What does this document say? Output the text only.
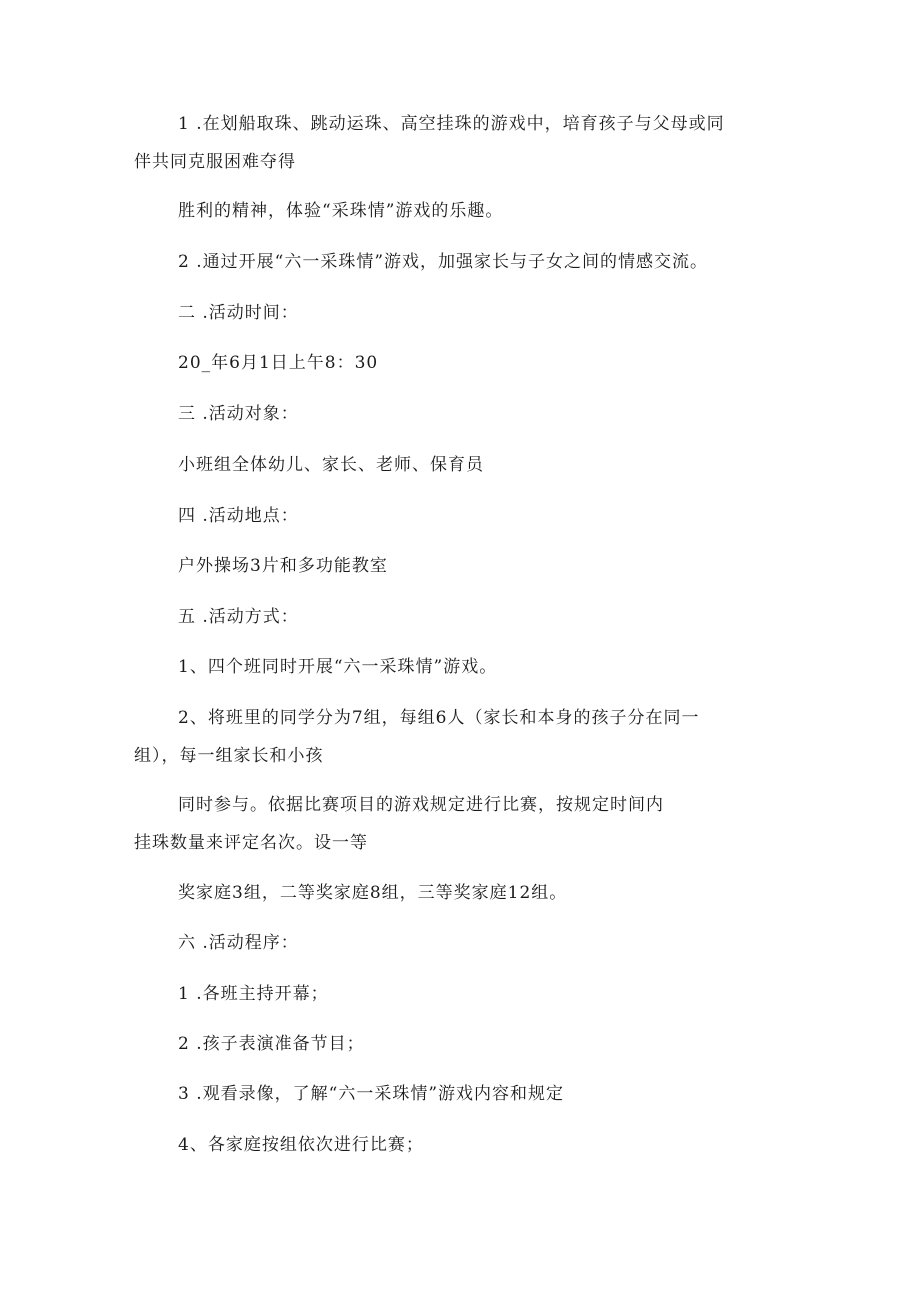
1 .在划船取珠、跳动运珠、高空挂珠的游戏中，培育孩子与父母或同
伴共同克服困难夺得
胜利的精神，体验“采珠情”游戏的乐趣。
2 .通过开展“六一采珠情”游戏，加强家长与子女之间的情感交流。
二 .活动时间：
20_年6月1日上午8：30
三 .活动对象：
小班组全体幼儿、家长、老师、保育员
四 .活动地点：
户外操场3片和多功能教室
五 .活动方式：
1、四个班同时开展“六一采珠情”游戏。
2、将班里的同学分为7组，每组6人（家长和本身的孩子分在同一
组），每一组家长和小孩
同时参与。依据比赛项目的游戏规定进行比赛，按规定时间内
挂珠数量来评定名次。设一等
奖家庭3组，二等奖家庭8组，三等奖家庭12组。
六 .活动程序：
1 .各班主持开幕；
2 .孩子表演准备节目；
3 .观看录像，了解“六一采珠情”游戏内容和规定
4、各家庭按组依次进行比赛；
